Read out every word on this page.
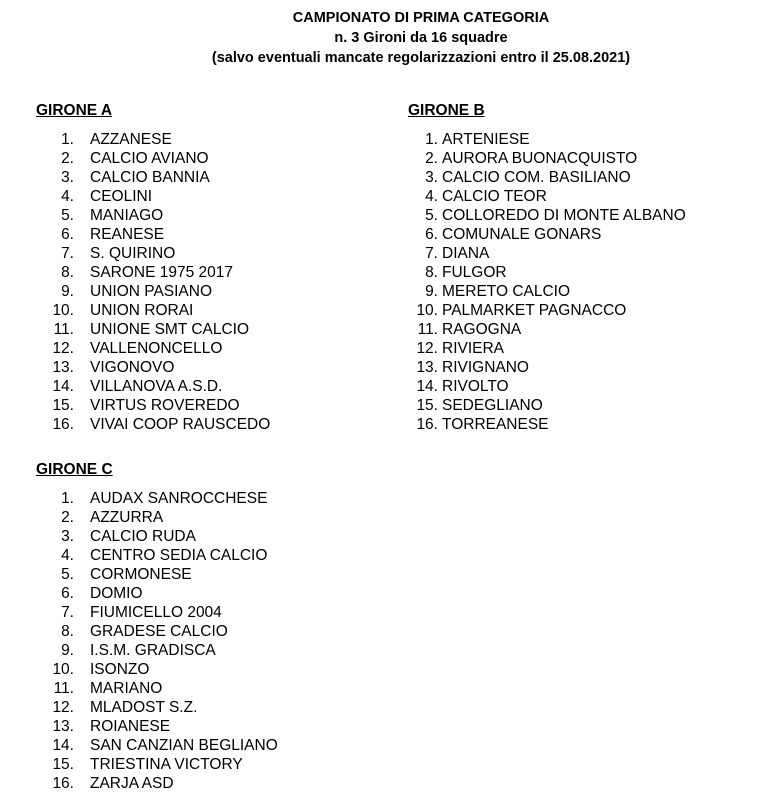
CAMPIONATO DI PRIMA CATEGORIA
n. 3 Gironi da 16 squadre
(salvo eventuali mancate regolarizzazioni entro il 25.08.2021)
GIRONE A
1. AZZANESE
2. CALCIO AVIANO
3. CALCIO BANNIA
4. CEOLINI
5. MANIAGO
6. REANESE
7. S. QUIRINO
8. SARONE 1975 2017
9. UNION PASIANO
10. UNION RORAI
11. UNIONE SMT CALCIO
12. VALLENONCELLO
13. VIGONOVO
14. VILLANOVA A.S.D.
15. VIRTUS ROVEREDO
16. VIVAI COOP RAUSCEDO
GIRONE B
1. ARTENIESE
2. AURORA BUONACQUISTO
3. CALCIO COM. BASILIANO
4. CALCIO TEOR
5. COLLOREDO DI MONTE ALBANO
6. COMUNALE GONARS
7. DIANA
8. FULGOR
9. MERETO CALCIO
10. PALMARKET PAGNACCO
11. RAGOGNA
12. RIVIERA
13. RIVIGNANO
14. RIVOLTO
15. SEDEGLIANO
16. TORREANESE
GIRONE C
1. AUDAX SANROCCHESE
2. AZZURRA
3. CALCIO RUDA
4. CENTRO SEDIA CALCIO
5. CORMONESE
6. DOMIO
7. FIUMICELLO 2004
8. GRADESE CALCIO
9. I.S.M. GRADISCA
10. ISONZO
11. MARIANO
12. MLADOST S.Z.
13. ROIANESE
14. SAN CANZIAN BEGLIANO
15. TRIESTINA VICTORY
16. ZARJA ASD
